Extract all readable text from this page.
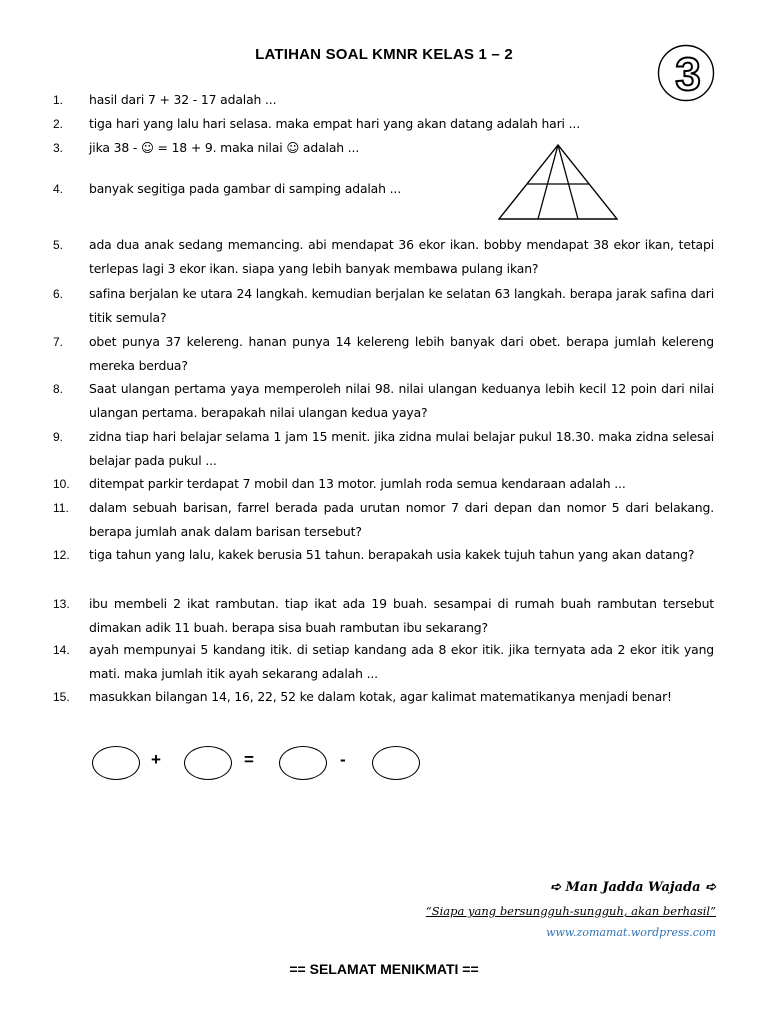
LATIHAN SOAL KMNR KELAS 1 – 2	3
1. hasil dari 7 + 32 - 17 adalah ...
2. tiga hari yang lalu hari selasa. maka empat hari yang akan datang adalah hari ...
3. jika 38 - ☺ = 18 + 9. maka nilai ☺ adalah ...
4. banyak segitiga pada gambar di samping adalah ...
5. ada dua anak sedang memancing. abi mendapat 36 ekor ikan. bobby mendapat 38 ekor ikan, tetapi terlepas lagi 3 ekor ikan. siapa yang lebih banyak membawa pulang ikan?
6. safina berjalan ke utara 24 langkah. kemudian berjalan ke selatan 63 langkah. berapa jarak safina dari titik semula?
7. obet punya 37 kelereng. hanan punya 14 kelereng lebih banyak dari obet. berapa jumlah kelereng mereka berdua?
8. Saat ulangan pertama yaya memperoleh nilai 98. nilai ulangan keduanya lebih kecil 12 poin dari nilai ulangan pertama. berapakah nilai ulangan kedua yaya?
9. zidna tiap hari belajar selama 1 jam 15 menit. jika zidna mulai belajar pukul 18.30. maka zidna selesai belajar pada pukul ...
10. ditempat parkir terdapat 7 mobil dan 13 motor. jumlah roda semua kendaraan adalah ...
11. dalam sebuah barisan, farrel berada pada urutan nomor 7 dari depan dan nomor 5 dari belakang. berapa jumlah anak dalam barisan tersebut?
12. tiga tahun yang lalu, kakek berusia 51 tahun. berapakah usia kakek tujuh tahun yang akan datang?
13. ibu membeli 2 ikat rambutan. tiap ikat ada 19 buah. sesampai di rumah buah rambutan tersebut dimakan adik 11 buah. berapa sisa buah rambutan ibu sekarang?
14. ayah mempunyai 5 kandang itik. di setiap kandang ada 8 ekor itik. jika ternyata ada 2 ekor itik yang mati. maka jumlah itik ayah sekarang adalah ...
15. masukkan bilangan 14, 16, 22, 52 ke dalam kotak, agar kalimat matematikanya menjadi benar!
+	=	-
➪ Man Jadda Wajada ➪
“Siapa yang bersungguh-sungguh, akan berhasil”
www.zomamat.wordpress.com
== SELAMAT MENIKMATI ==
